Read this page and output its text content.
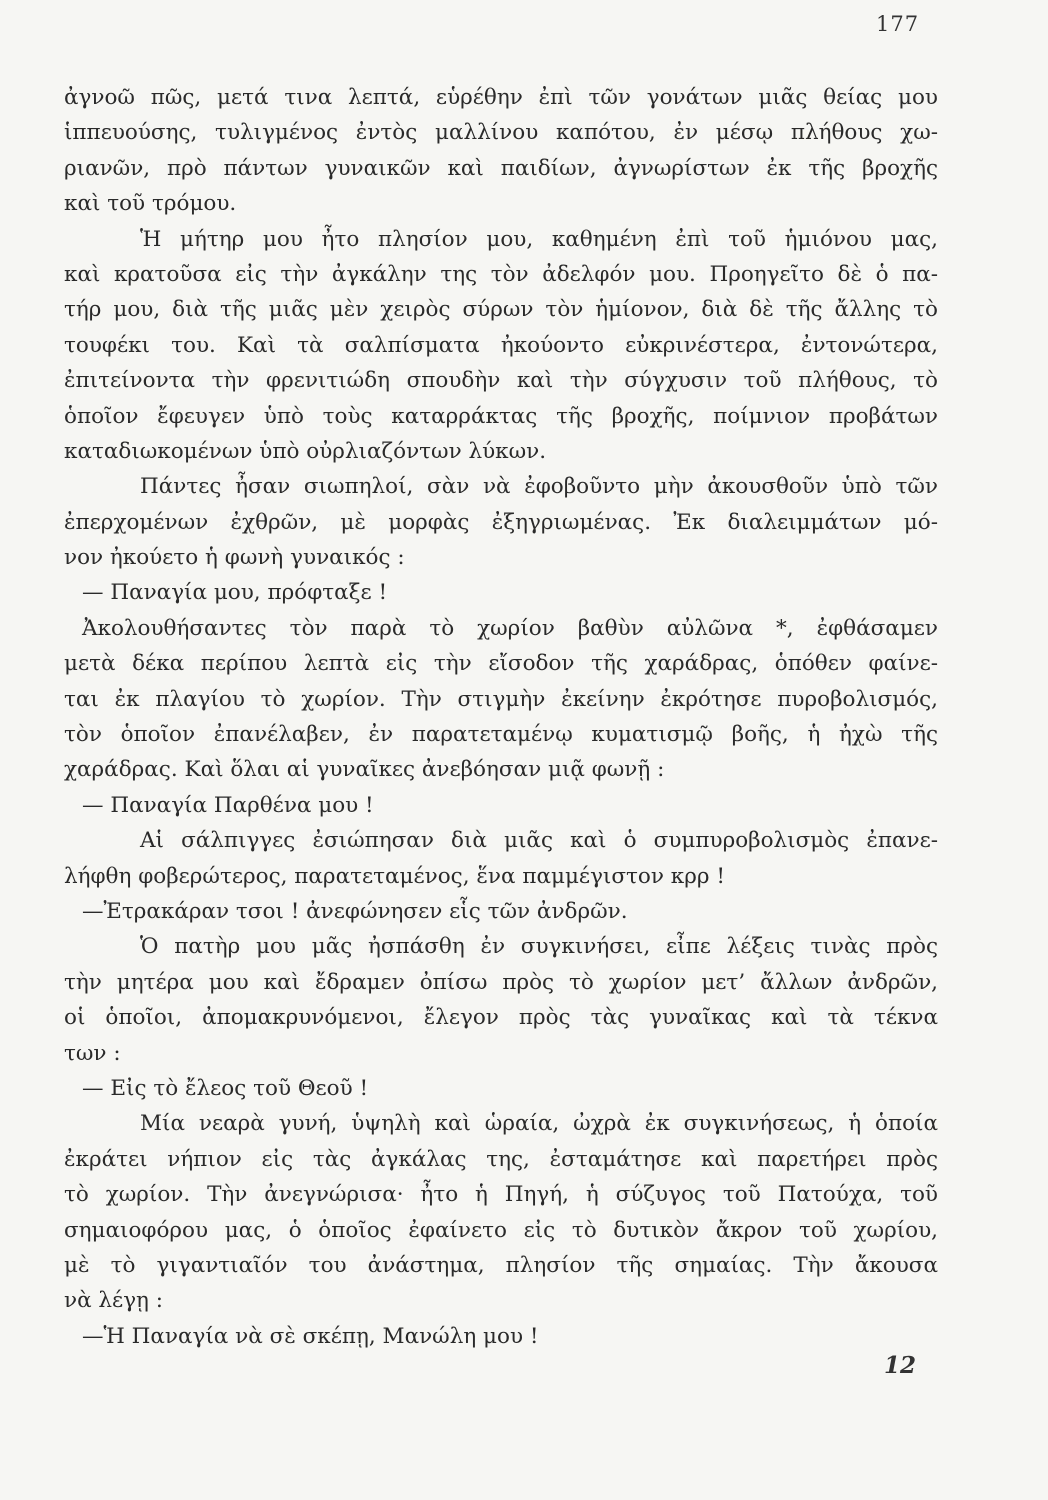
177
ἀγνοῶ πῶς, μετά τινα λεπτά, εὑρέθην ἐπὶ τῶν γονάτων μιᾶς θείας μου
ἱππευούσης, τυλιγμένος ἐντὸς μαλλίνου καπότου, ἐν μέσῳ πλήθους χω-
ριανῶν, πρὸ πάντων γυναικῶν καὶ παιδίων, ἀγνωρίστων ἐκ τῆς βροχῆς
καὶ τοῦ τρόμου.
Ἡ μήτηρ μου ἦτο πλησίον μου, καθημένη ἐπὶ τοῦ ἡμιόνου μας,
καὶ κρατοῦσα εἰς τὴν ἀγκάλην της τὸν ἀδελφόν μου. Προηγεῖτο δὲ ὁ πα-
τήρ μου, διὰ τῆς μιᾶς μὲν χειρὸς σύρων τὸν ἡμίονον, διὰ δὲ τῆς ἄλλης τὸ
τουφέκι του. Καὶ τὰ σαλπίσματα ἠκούοντο εὐκρινέστερα, ἐντονώτερα,
ἐπιτείνοντα τὴν φρενιτιώδη σπουδὴν καὶ τὴν σύγχυσιν τοῦ πλήθους, τὸ
ὁποῖον ἔφευγεν ὑπὸ τοὺς καταρράκτας τῆς βροχῆς, ποίμνιον προβάτων
καταδιωκομένων ὑπὸ οὐρλιαζόντων λύκων.
Πάντες ἦσαν σιωπηλοί, σὰν νὰ ἐφοβοῦντο μὴν ἀκουσθοῦν ὑπὸ τῶν
ἐπερχομένων ἐχθρῶν, μὲ μορφὰς ἐξηγριωμένας. Ἐκ διαλειμμάτων μό-
νον ἠκούετο ἡ φωνὴ γυναικός :
— Παναγία μου, πρόφταξε !
Ἀκολουθήσαντες τὸν παρὰ τὸ χωρίον βαθὺν αὐλῶνα *, ἐφθάσαμεν
μετὰ δέκα περίπου λεπτὰ εἰς τὴν εἴσοδον τῆς χαράδρας, ὁπόθεν φαίνε-
ται ἐκ πλαγίου τὸ χωρίον. Τὴν στιγμὴν ἐκείνην ἐκρότησε πυροβολισμός,
τὸν ὁποῖον ἐπανέλαβεν, ἐν παρατεταμένῳ κυματισμῷ βοῆς, ἡ ἠχὼ τῆς
χαράδρας. Καὶ ὅλαι αἱ γυναῖκες ἀνεβόησαν μιᾷ φωνῇ :
— Παναγία Παρθένα μου !
Αἱ σάλπιγγες ἐσιώπησαν διὰ μιᾶς καὶ ὁ συμπυροβολισμὸς ἐπανε-
λήφθη φοβερώτερος, παρατεταμένος, ἕνα παμμέγιστον κρρ !
—Ἐτρακάραν τσοι ! ἀνεφώνησεν εἷς τῶν ἀνδρῶν.
Ὁ πατὴρ μου μᾶς ἠσπάσθη ἐν συγκινήσει, εἶπε λέξεις τινὰς πρὸς
τὴν μητέρα μου καὶ ἔδραμεν ὀπίσω πρὸς τὸ χωρίον μετ’ ἄλλων ἀνδρῶν,
οἱ ὁποῖοι, ἀπομακρυνόμενοι, ἔλεγον πρὸς τὰς γυναῖκας καὶ τὰ τέκνα
των :
— Εἰς τὸ ἔλεος τοῦ Θεοῦ !
Μία νεαρὰ γυνή, ὑψηλὴ καὶ ὡραία, ὠχρὰ ἐκ συγκινήσεως, ἡ ὁποία
ἐκράτει νήπιον εἰς τὰς ἀγκάλας της, ἐσταμάτησε καὶ παρετήρει πρὸς
τὸ χωρίον. Τὴν ἀνεγνώρισα· ἦτο ἡ Πηγή, ἡ σύζυγος τοῦ Πατούχα, τοῦ
σημαιοφόρου μας, ὁ ὁποῖος ἐφαίνετο εἰς τὸ δυτικὸν ἄκρον τοῦ χωρίου,
μὲ τὸ γιγαντιαῖόν του ἀνάστημα, πλησίον τῆς σημαίας. Τὴν ἄκουσα
νὰ λέγῃ :
—Ἡ Παναγία νὰ σὲ σκέπῃ, Μανώλη μου !
12
